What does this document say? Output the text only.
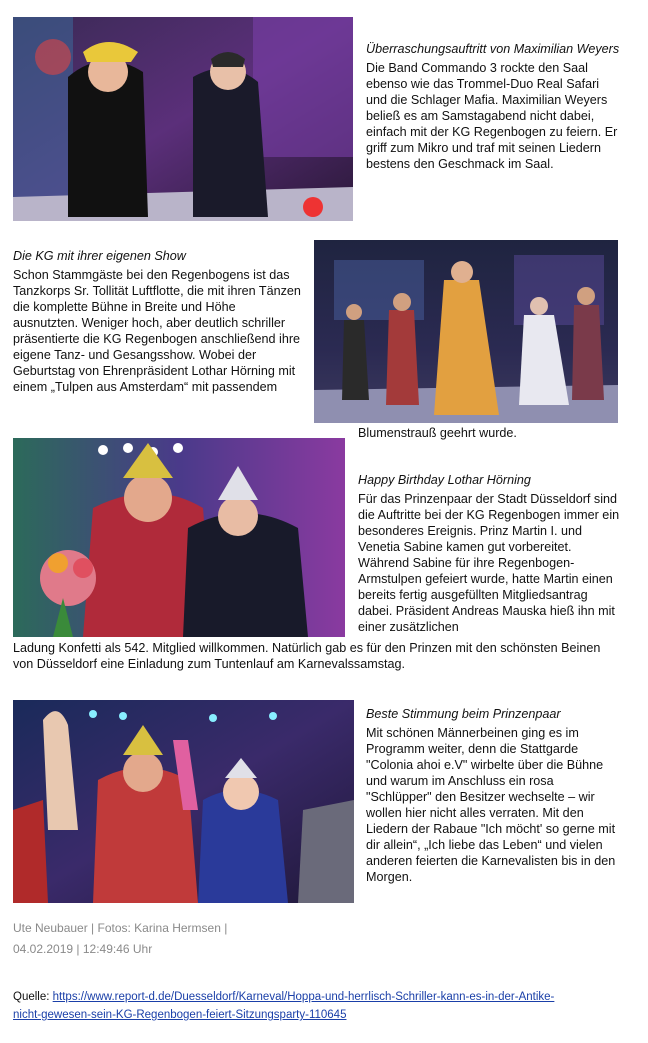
Überraschungsauftritt von Maximilian Weyers

Die Band Commando 3 rockte den Saal ebenso wie das Trommel-Duo Real Safari und die Schlager Mafia. Maximilian Weyers beließ es am Samstagabend nicht dabei, einfach mit der KG Regenbogen zu feiern. Er griff zum Mikro und traf mit seinen Liedern bestens den Geschmack im Saal.

Die KG mit ihrer eigenen Show

Schon Stammgäste bei den Regenbogens ist das Tanzkorps Sr. Tollität Luftflotte, die mit ihren Tänzen die komplette Bühne in Breite und Höhe ausnutzten. Weniger hoch, aber deutlich schriller präsentierte die KG Regenbogen anschließend ihre eigene Tanz- und Gesangsshow. Wobei der Geburtstag von Ehrenpräsident Lothar Hörning mit einem „Tulpen aus Amsterdam“ mit passendem

Blumenstrauß geehrt wurde.

Happy Birthday Lothar Hörning

Für das Prinzenpaar der Stadt Düsseldorf sind die Auftritte bei der KG Regenbogen immer ein besonderes Ereignis. Prinz Martin I. und Venetia Sabine kamen gut vorbereitet. Während Sabine für ihre Regenbogen-Armstulpen gefeiert wurde, hatte Martin einen bereits fertig ausgefüllten Mitgliedsantrag dabei. Präsident Andreas Mauska hieß ihn mit einer zusätzlichen

Ladung Konfetti als 542. Mitglied willkommen. Natürlich gab es für den Prinzen mit den schönsten Beinen von Düsseldorf eine Einladung zum Tuntenlauf am Karnevalssamstag.

Beste Stimmung beim Prinzenpaar

Mit schönen Männerbeinen ging es im Programm weiter, denn die Stattgarde "Colonia ahoi e.V" wirbelte über die Bühne und warum im Anschluss ein rosa "Schlüpper" den Besitzer wechselte – wir wollen hier nicht alles verraten. Mit den Liedern der Rabaue "Ich möcht' so gerne mit dir allein“, „Ich liebe das Leben“ und vielen anderen feierten die Karnevalisten bis in den Morgen.

Ute Neubauer | Fotos: Karina Hermsen |
04.02.2019 | 12:49:46 Uhr
Quelle: https://www.report-d.de/Duesseldorf/Karneval/Hoppa-und-herrlisch-Schriller-kann-es-in-der-Antike-
nicht-gewesen-sein-KG-Regenbogen-feiert-Sitzungsparty-110645
